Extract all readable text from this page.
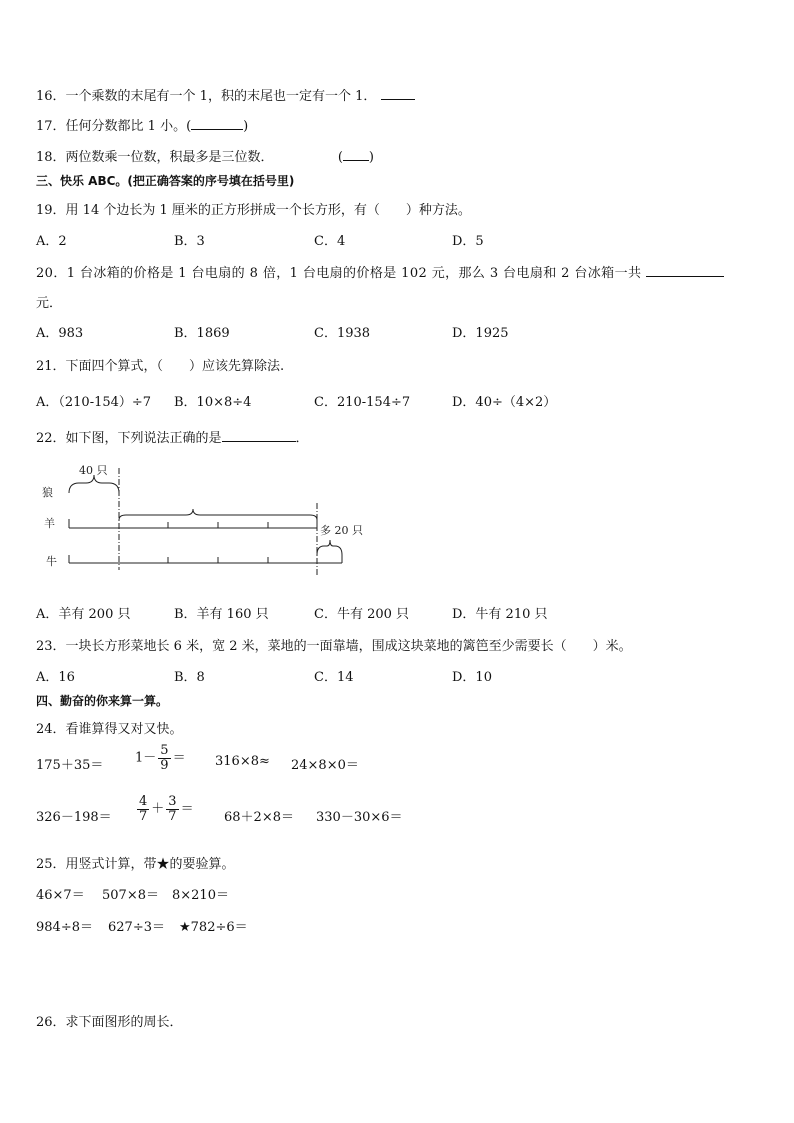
16．一个乘数的末尾有一个 1，积的末尾也一定有一个 1．
17．任何分数都比 1 小。(	)
18．两位数乘一位数，积最多是三位数．	( )
三、快乐 ABC。(把正确答案的序号填在括号里)
19．用 14 个边长为 1 厘米的正方形拼成一个长方形，有（　　）种方法。
A．2	B．3	C．4	D．5
20．1 台冰箱的价格是 1 台电扇的 8 倍，1 台电扇的价格是 102 元，那么 3 台电扇和 2 台冰箱一共
元．
A．983	B．1869	C．1938	D．1925
21．下面四个算式，（　　）应该先算除法.
A．（210-154）÷7 B．10×8÷4	C．210-154÷7	D．40÷（4×2）
22．如下图，下列说法正确的是	．
40 只
多 20 只
狼
羊
牛
A．羊有 200 只	B．羊有 160 只	C．牛有 200 只	D．牛有 210 只
23．一块长方形菜地长 6 米，宽 2 米，菜地的一面靠墙，围成这块菜地的篱笆至少需要长（　　）米。
A．16	B．8	C．14	D．10
四、勤奋的你来算一算。
24．看谁算得又对又快。
$175+35= 1- \frac{5}{9} = 316\times 8\approx 24\times 8\times 0=$
$326-198= \frac{4}{7} + \frac{3}{7}$ ＝
68＋2×8＝ 330－30×6＝
25．用竖式计算，带★的要验算。
46×7＝ 507×8＝ 8×210＝
984÷8＝ 627÷3＝ ★782÷6＝
26．求下面图形的周长．
